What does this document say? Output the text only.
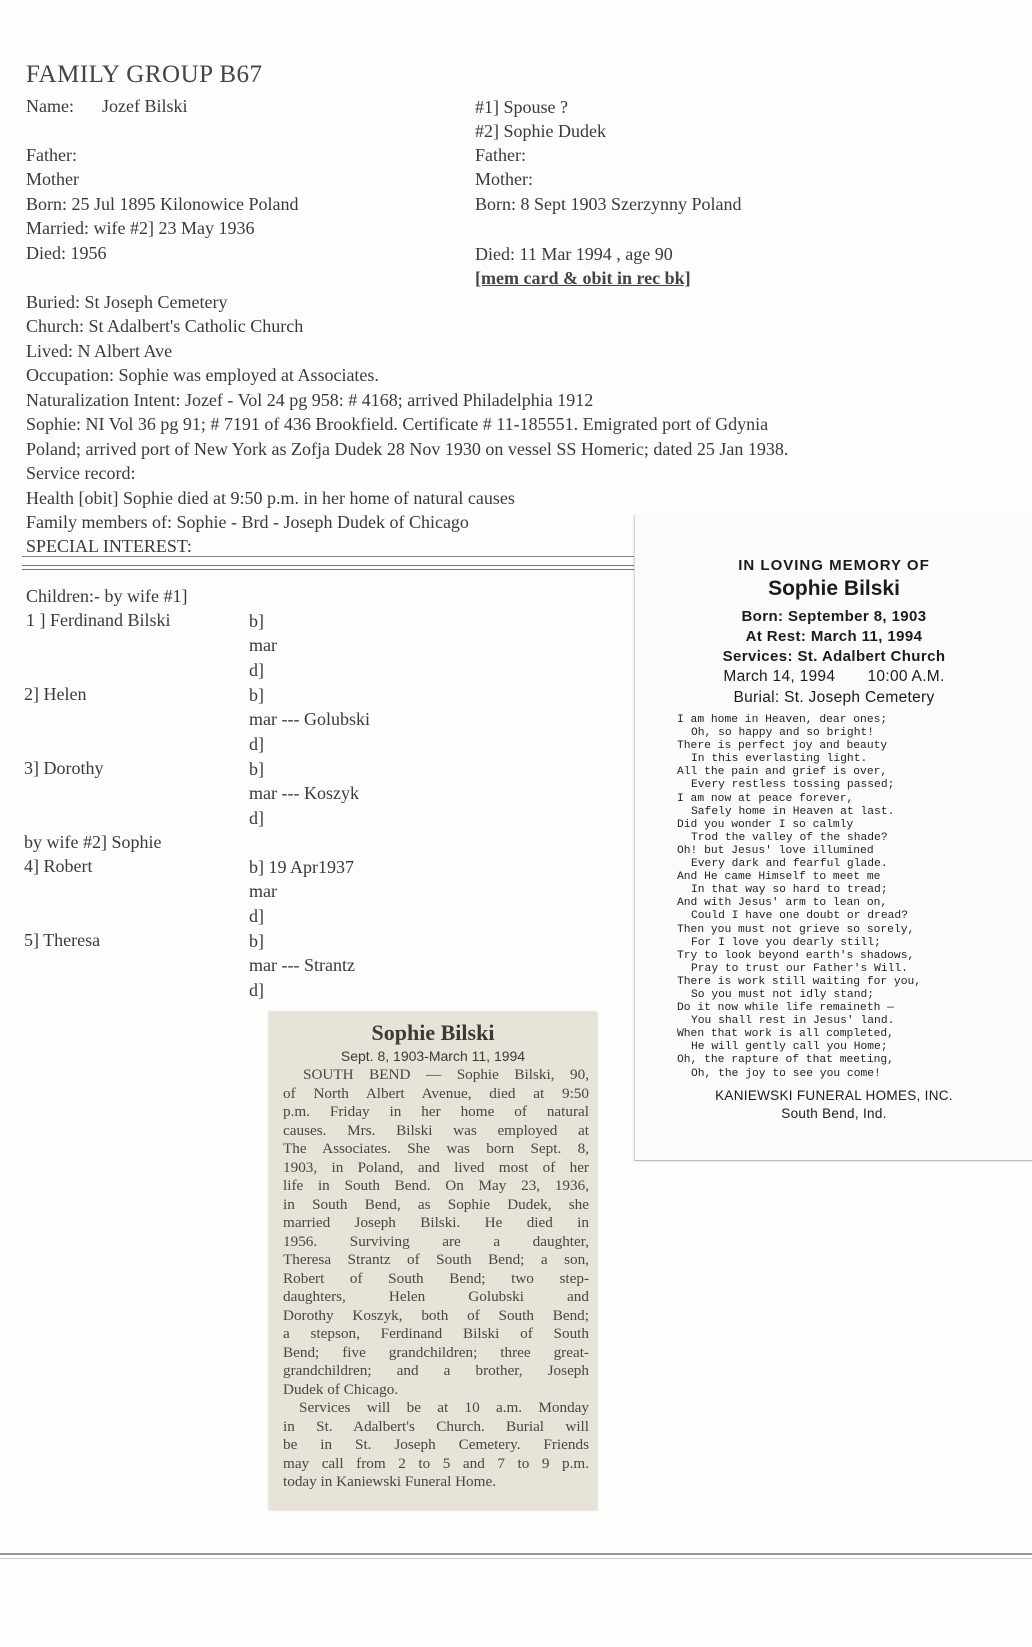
FAMILY GROUP B67
Name: Jozef Bilski
Father:
Mother
Born: 25 Jul 1895 Kilonowice Poland
Married: wife #2] 23 May 1936
Died: 1956
#1] Spouse ?
#2] Sophie Dudek
Father:
Mother:
Born: 8 Sept 1903 Szerzynny Poland
Died: 11 Mar 1994 , age 90
[mem card & obit in rec bk]
Buried: St Joseph Cemetery
Church: St Adalbert's Catholic Church
Lived: N Albert Ave
Occupation: Sophie was employed at Associates.
Naturalization Intent: Jozef - Vol 24 pg 958: # 4168; arrived Philadelphia 1912
Sophie: NI Vol 36 pg 91; # 7191 of 436 Brookfield. Certificate # 11-185551. Emigrated port of Gdynia
Poland; arrived port of New York as Zofja Dudek 28 Nov 1930 on vessel SS Homeric; dated 25 Jan 1938.
Service record:
Health [obit] Sophie died at 9:50 p.m. in her home of natural causes
Family members of: Sophie - Brd - Joseph Dudek of Chicago
SPECIAL INTEREST:
Children:- by wife #1]
1 ] Ferdinand Bilski	b]
mar
d]
2] Helen	b]
mar --- Golubski
d]
3] Dorothy	b]
mar --- Koszyk
d]
by wife #2] Sophie
4] Robert	b] 19 Apr1937
mar
d]
5] Theresa	b]
mar --- Strantz
d]
IN LOVING MEMORY OF
Sophie Bilski
Born: September 8, 1903
At Rest: March 11, 1994
Services: St. Adalbert Church
March 14, 1994 10:00 A.M.
Burial: St. Joseph Cemetery
I am home in Heaven, dear ones;
Oh, so happy and so bright!
There is perfect joy and beauty
In this everlasting light.
All the pain and grief is over,
Every restless tossing passed;
I am now at peace forever,
Safely home in Heaven at last.
Did you wonder I so calmly
Trod the valley of the shade?
Oh! but Jesus' love illumined
Every dark and fearful glade.
And He came Himself to meet me
In that way so hard to tread;
And with Jesus' arm to lean on,
Could I have one doubt or dread?
Then you must not grieve so sorely,
For I love you dearly still;
Try to look beyond earth's shadows,
Pray to trust our Father's Will.
There is work still waiting for you,
So you must not idly stand;
Do it now while life remaineth —
You shall rest in Jesus' land.
When that work is all completed,
He will gently call you Home;
Oh, the rapture of that meeting,
Oh, the joy to see you come!
KANIEWSKI FUNERAL HOMES, INC.
South Bend, Ind.
Sophie Bilski
Sept. 8, 1903-March 11, 1994
SOUTH BEND — Sophie Bilski, 90,
of North Albert Avenue, died at 9:50
p.m. Friday in her home of natural
causes. Mrs. Bilski was employed at
The Associates. She was born Sept. 8,
1903, in Poland, and lived most of her
life in South Bend. On May 23, 1936,
in South Bend, as Sophie Dudek, she
married Joseph Bilski. He died in
1956. Surviving are a daughter,
Theresa Strantz of South Bend; a son,
Robert of South Bend; two step-
daughters, Helen Golubski and
Dorothy Koszyk, both of South Bend;
a stepson, Ferdinand Bilski of South
Bend; five grandchildren; three great-
grandchildren; and a brother, Joseph
Dudek of Chicago.
Services will be at 10 a.m. Monday
in St. Adalbert's Church. Burial will
be in St. Joseph Cemetery. Friends
may call from 2 to 5 and 7 to 9 p.m.
today in Kaniewski Funeral Home.
